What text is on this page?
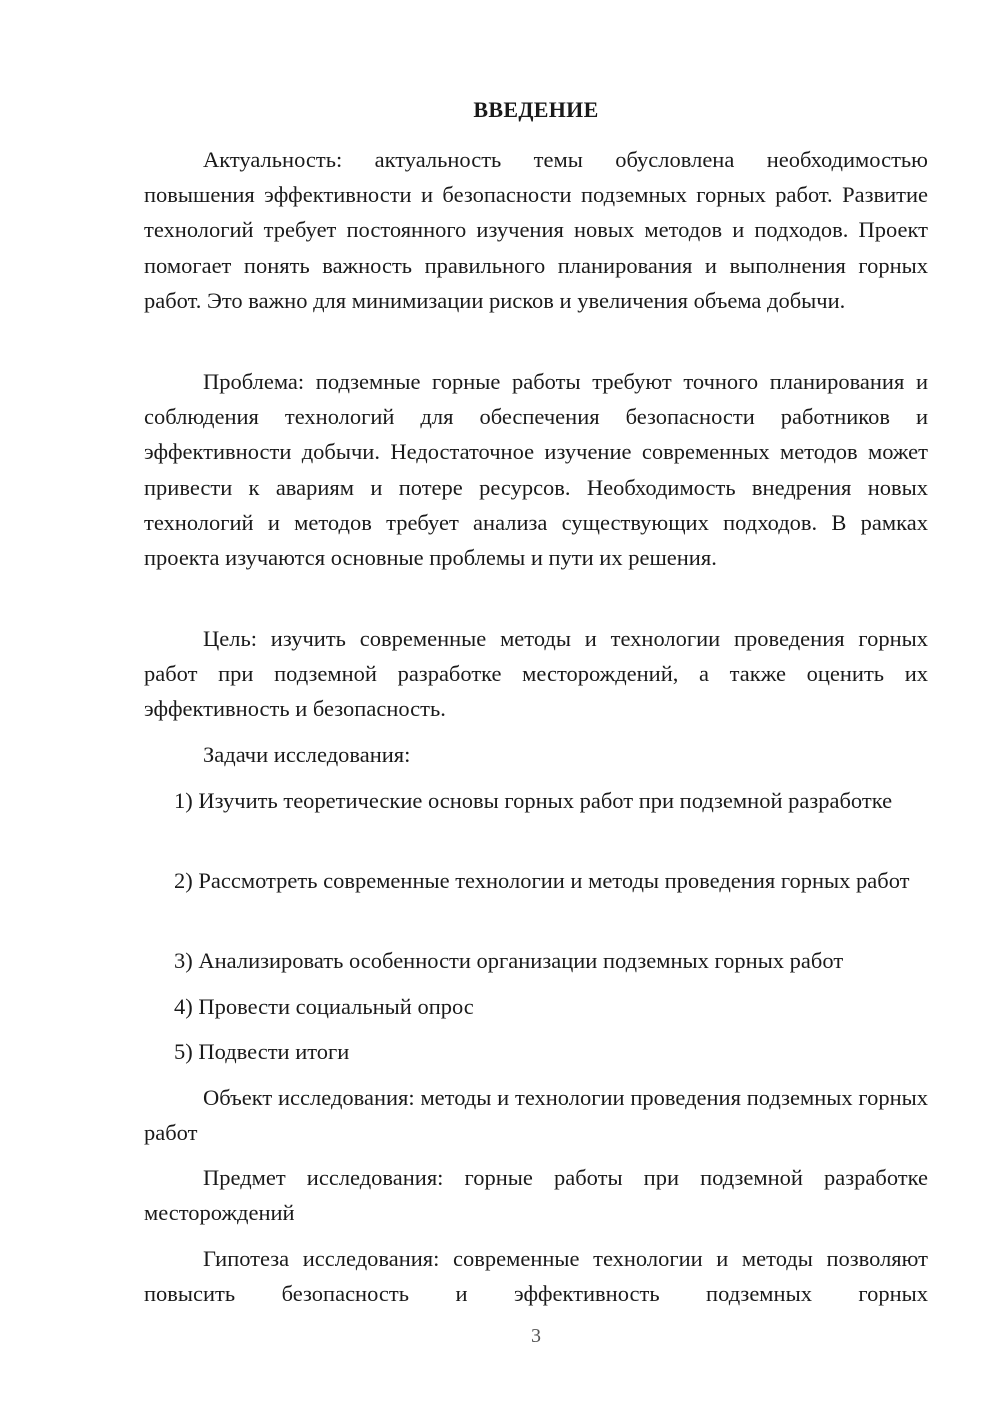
ВВЕДЕНИЕ

Актуальность: актуальность темы обусловлена необходимостью повышения эффективности и безопасности подземных горных работ. Развитие технологий требует постоянного изучения новых методов и подходов. Проект помогает понять важность правильного планирования и выполнения горных работ. Это важно для минимизации рисков и увеличения объема добычи.

Проблема: подземные горные работы требуют точного планирования и соблюдения технологий для обеспечения безопасности работников и эффективности добычи. Недостаточное изучение современных методов может привести к авариям и потере ресурсов. Необходимость внедрения новых технологий и методов требует анализа существующих подходов. В рамках проекта изучаются основные проблемы и пути их решения.

Цель: изучить современные методы и технологии проведения горных работ при подземной разработке месторождений, а также оценить их эффективность и безопасность.

Задачи исследования:

1) Изучить теоретические основы горных работ при подземной разработке

2) Рассмотреть современные технологии и методы проведения горных работ

3) Анализировать особенности организации подземных горных работ

4) Провести социальный опрос

5) Подвести итоги

Объект исследования: методы и технологии проведения подземных горных работ

Предмет исследования: горные работы при подземной разработке месторождений

Гипотеза исследования: современные технологии и методы позволяют повысить безопасность и эффективность подземных горных

3
